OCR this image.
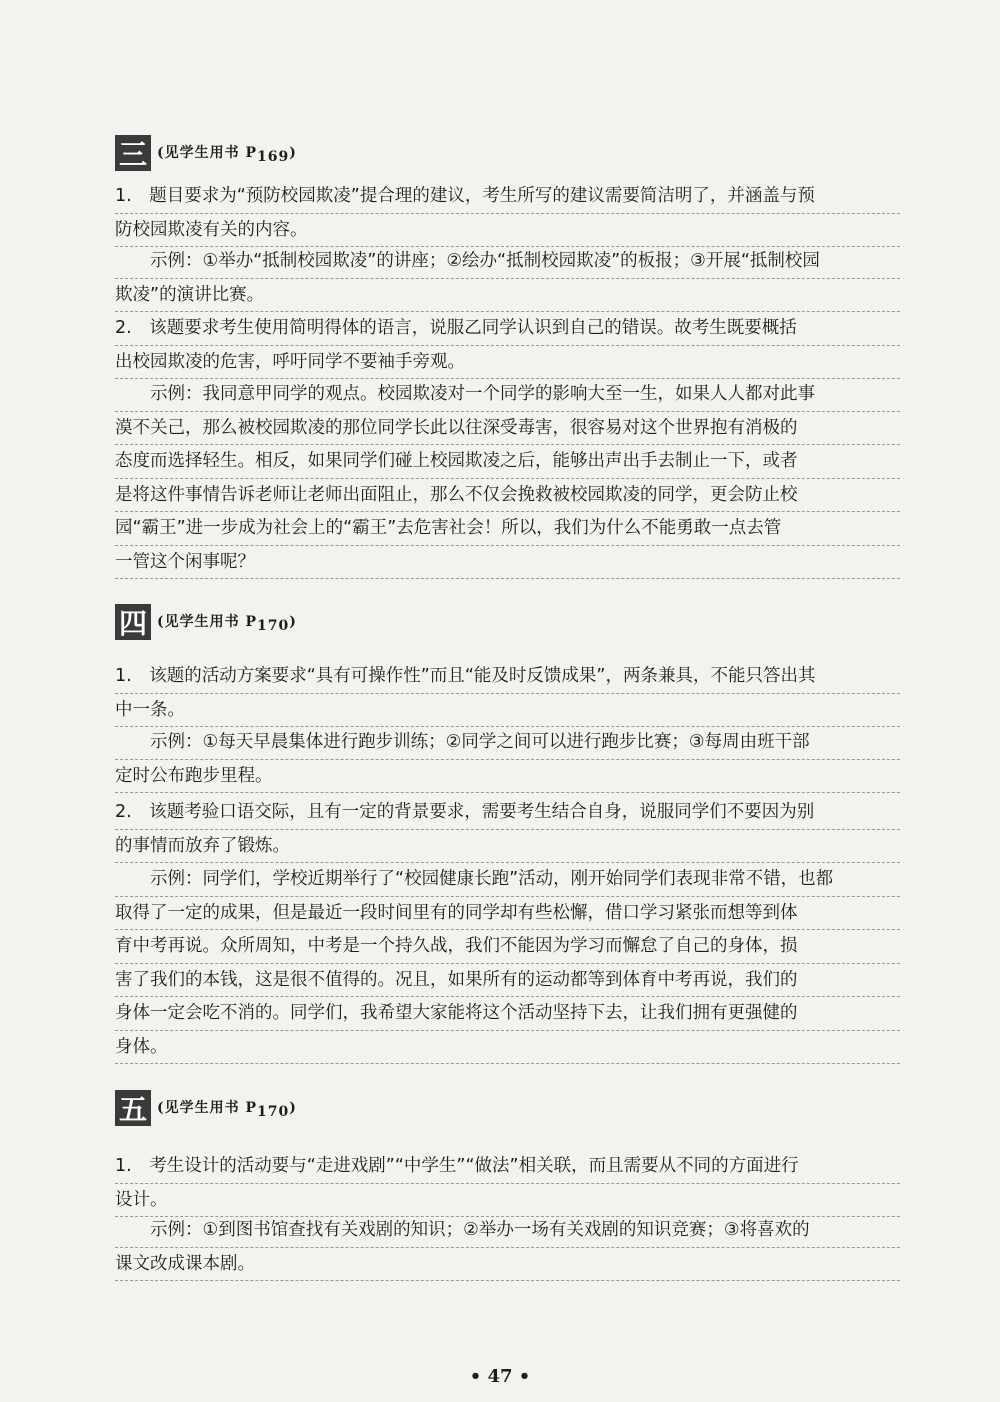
三 (见学生用书 $P_{169}$)
1.　题目要求为“预防校园欺凌”提合理的建议，考生所写的建议需要简洁明了，并涵盖与预
防校园欺凌有关的内容。
　　示例：①举办“抵制校园欺凌”的讲座；②绘办“抵制校园欺凌”的板报；③开展“抵制校园
欺凌”的演讲比赛。
2.　该题要求考生使用简明得体的语言，说服乙同学认识到自己的错误。故考生既要概括
出校园欺凌的危害，呼吁同学不要袖手旁观。
　　示例：我同意甲同学的观点。校园欺凌对一个同学的影响大至一生，如果人人都对此事
漠不关己，那么被校园欺凌的那位同学长此以往深受毒害，很容易对这个世界抱有消极的
态度而选择轻生。相反，如果同学们碰上校园欺凌之后，能够出声出手去制止一下，或者
是将这件事情告诉老师让老师出面阻止，那么不仅会挽救被校园欺凌的同学，更会防止校
园“霸王”进一步成为社会上的“霸王”去危害社会！所以，我们为什么不能勇敢一点去管
一管这个闲事呢？
四 (见学生用书 $P_{170}$)
1.　该题的活动方案要求“具有可操作性”而且“能及时反馈成果”，两条兼具，不能只答出其
中一条。
　　示例：①每天早晨集体进行跑步训练；②同学之间可以进行跑步比赛；③每周由班干部
定时公布跑步里程。
2.　该题考验口语交际，且有一定的背景要求，需要考生结合自身，说服同学们不要因为别
的事情而放弃了锻炼。
　　示例：同学们，学校近期举行了“校园健康长跑”活动，刚开始同学们表现非常不错，也都
取得了一定的成果，但是最近一段时间里有的同学却有些松懈，借口学习紧张而想等到体
育中考再说。众所周知，中考是一个持久战，我们不能因为学习而懈怠了自己的身体，损
害了我们的本钱，这是很不值得的。况且，如果所有的运动都等到体育中考再说，我们的
身体一定会吃不消的。同学们，我希望大家能将这个活动坚持下去，让我们拥有更强健的
身体。
五 (见学生用书 $P_{170}$)
1.　考生设计的活动要与“走进戏剧”“中学生”“做法”相关联，而且需要从不同的方面进行
设计。
　　示例：①到图书馆查找有关戏剧的知识；②举办一场有关戏剧的知识竞赛；③将喜欢的
课文改成课本剧。
• 47 •
